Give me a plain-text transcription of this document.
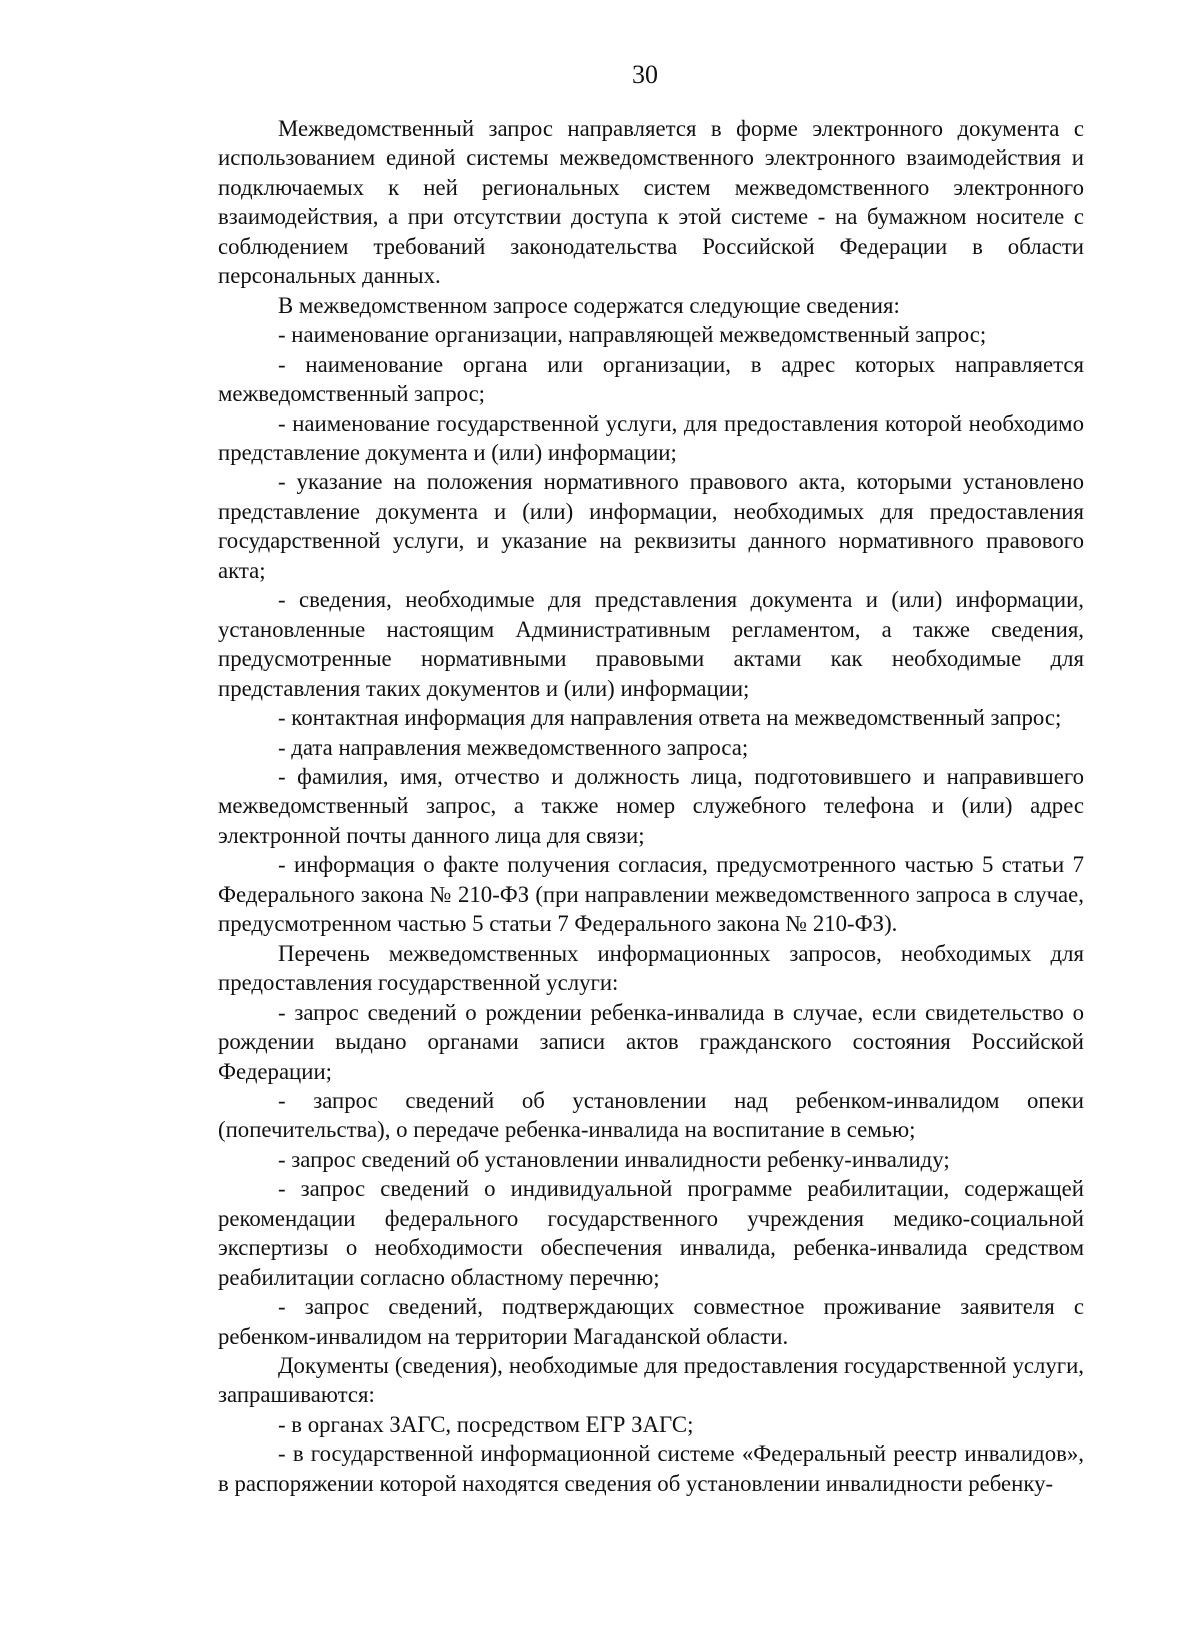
30

Межведомственный запрос направляется в форме электронного документа с использованием единой системы межведомственного электронного взаимодействия и подключаемых к ней региональных систем межведомственного электронного взаимодействия, а при отсутствии доступа к этой системе - на бумажном носителе с соблюдением требований законодательства Российской Федерации в области персональных данных.

В межведомственном запросе содержатся следующие сведения:

- наименование организации, направляющей межведомственный запрос;

- наименование органа или организации, в адрес которых направляется межведомственный запрос;

- наименование государственной услуги, для предоставления которой необходимо представление документа и (или) информации;

- указание на положения нормативного правового акта, которыми установлено представление документа и (или) информации, необходимых для предоставления государственной услуги, и указание на реквизиты данного нормативного правового акта;

- сведения, необходимые для представления документа и (или) информации, установленные настоящим Административным регламентом, а также сведения, предусмотренные нормативными правовыми актами как необходимые для представления таких документов и (или) информации;

- контактная информация для направления ответа на межведомственный запрос;

- дата направления межведомственного запроса;

- фамилия, имя, отчество и должность лица, подготовившего и направившего межведомственный запрос, а также номер служебного телефона и (или) адрес электронной почты данного лица для связи;

- информация о факте получения согласия, предусмотренного частью 5 статьи 7 Федерального закона № 210-ФЗ (при направлении межведомственного запроса в случае, предусмотренном частью 5 статьи 7 Федерального закона № 210-ФЗ).

Перечень межведомственных информационных запросов, необходимых для предоставления государственной услуги:

- запрос сведений о рождении ребенка-инвалида в случае, если свидетельство о рождении выдано органами записи актов гражданского состояния Российской Федерации;

- запрос сведений об установлении над ребенком-инвалидом опеки (попечительства), о передаче ребенка-инвалида на воспитание в семью;

- запрос сведений об установлении инвалидности ребенку-инвалиду;

- запрос сведений о индивидуальной программе реабилитации, содержащей рекомендации федерального государственного учреждения медико-социальной экспертизы о необходимости обеспечения инвалида, ребенка-инвалида средством реабилитации согласно областному перечню;

- запрос сведений, подтверждающих совместное проживание заявителя с ребенком-инвалидом на территории Магаданской области.

Документы (сведения), необходимые для предоставления государственной услуги, запрашиваются:

- в органах ЗАГС, посредством ЕГР ЗАГС;

- в государственной информационной системе «Федеральный реестр инвалидов», в распоряжении которой находятся сведения об установлении инвалидности ребенку-
